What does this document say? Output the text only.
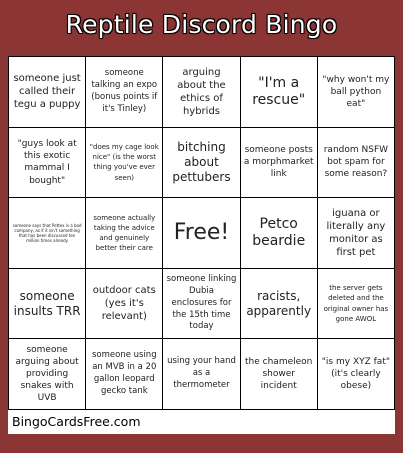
Reptile Discord Bingo
someone just called their tegu a puppy
someone talking an expo (bonus points if it's Tinley)
arguing about the ethics of hybrids
"I'm a rescue"
"why won't my ball python eat"
"guys look at this exotic mammal I bought"
"does my cage look nice" (is the worst thing you've ever seen)
bitching about pettubers
someone posts a morphmarket link
random NSFW bot spam for some reason?
someone says that Pettex is a bad company, as if it isn't something that has been discussed ten million times already
someone actually taking the advice and genuinely better their care
Free!	Petco beardie
iguana or literally any monitor as first pet
someone insults TRR
outdoor cats (yes it's relevant)
someone linking Dubia enclosures for the 15th time today
racists, apparently
the server gets deleted and the original owner has gone AWOL
someone arguing about providing snakes with UVB
someone using an MVB in a 20 gallon leopard gecko tank
using your hand as a thermometer
the chameleon shower incident
"is my XYZ fat" (it's clearly obese)
BingoCardsFree.com
